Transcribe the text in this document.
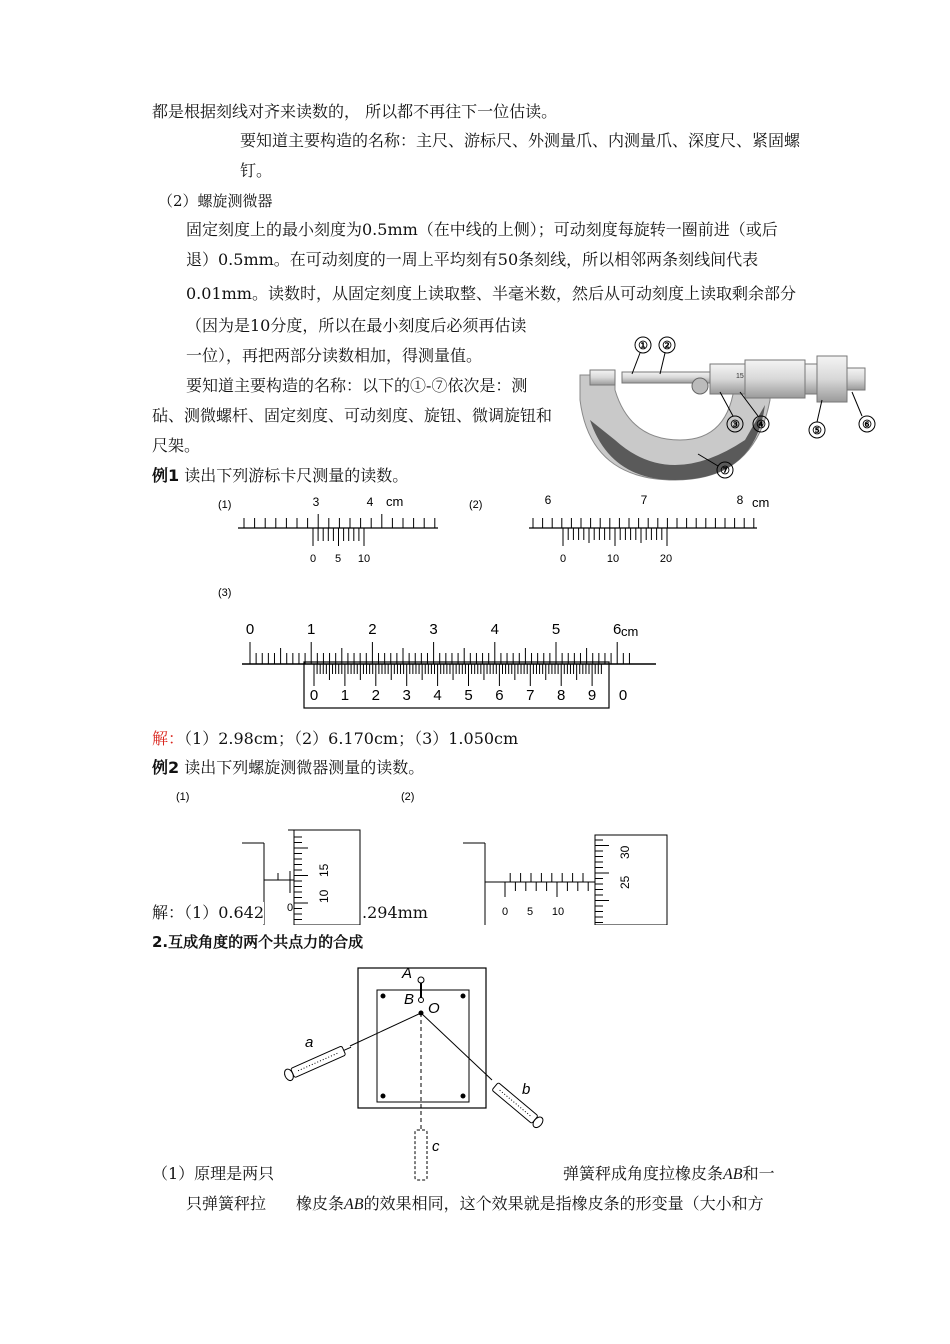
都是根据刻线对齐来读数的， 所以都不再往下一位估读。
要知道主要构造的名称：主尺、游标尺、外测量爪、内测量爪、深度尺、紧固螺
钉。
（2）螺旋测微器
固定刻度上的最小刻度为0.5mm（在中线的上侧）；可动刻度每旋转一圈前进（或后
退）0.5mm。在可动刻度的一周上平均刻有50条刻线，所以相邻两条刻线间代表
0.01mm。读数时，从固定刻度上读取整、半毫米数，然后从可动刻度上读取剩余部分
（因为是10分度，所以在最小刻度后必须再估读
一位），再把两部分读数相加，得测量值。
要知道主要构造的名称：以下的①-⑦依次是：测
砧、测微螺杆、固定刻度、可动刻度、旋钮、微调旋钮和
尺架。
例1 读出下列游标卡尺测量的读数。
解：（1）2.98cm；（2）6.170cm；（3）1.050cm
例2 读出下列螺旋测微器测量的读数。
2.互成角度的两个共点力的合成
（1）原理是两只	弹簧秤成角度拉橡皮条AB和一
只弹簧秤拉 橡皮条AB的效果相同，这个效果就是指橡皮条的形变量（大小和方
15
① ②
③ ④	⑤	⑥
⑦
(1)	3	4 cm
0 5 10
(2)	6	7	8 cm
0	10	20
(3)
0	1	2	3	4	5	6 cm
0 1 2 3 4 5 6 7 8 9 0
(1)
0
15
10
(2)
0 5 10
30
25
解：（1）0.642	.294mm
A
B
O
a
b
c
